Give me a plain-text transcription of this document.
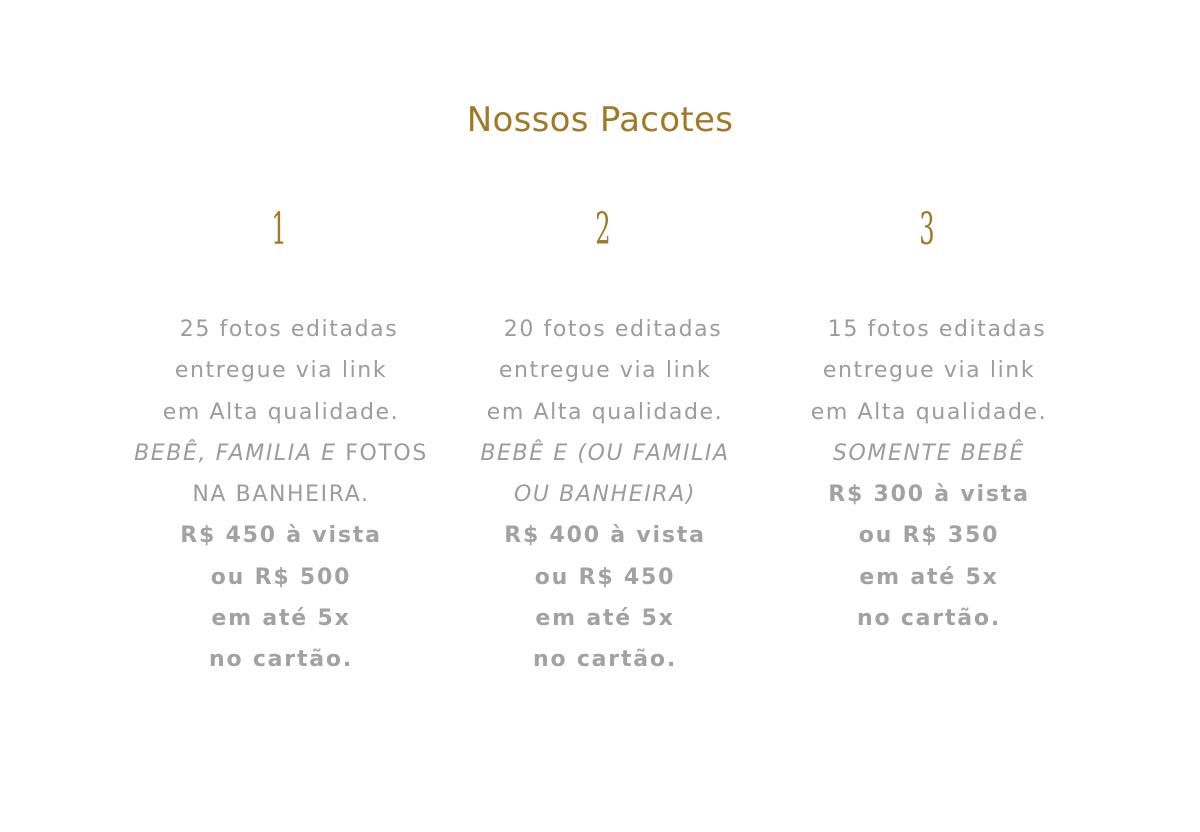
Nossos Pacotes
1	2	3
25 fotos editadas
entregue via link
em Alta qualidade.
BEBÊ, FAMILIA E FOTOS
NA BANHEIRA.
R$ 450 à vista
ou R$ 500
em até 5x
no cartão.
20 fotos editadas
entregue via link
em Alta qualidade.
BEBÊ E (OU FAMILIA
OU BANHEIRA)
R$ 400 à vista
ou R$ 450
em até 5x
no cartão.
15 fotos editadas
entregue via link
em Alta qualidade.
SOMENTE BEBÊ
R$ 300 à vista
ou R$ 350
em até 5x
no cartão.
